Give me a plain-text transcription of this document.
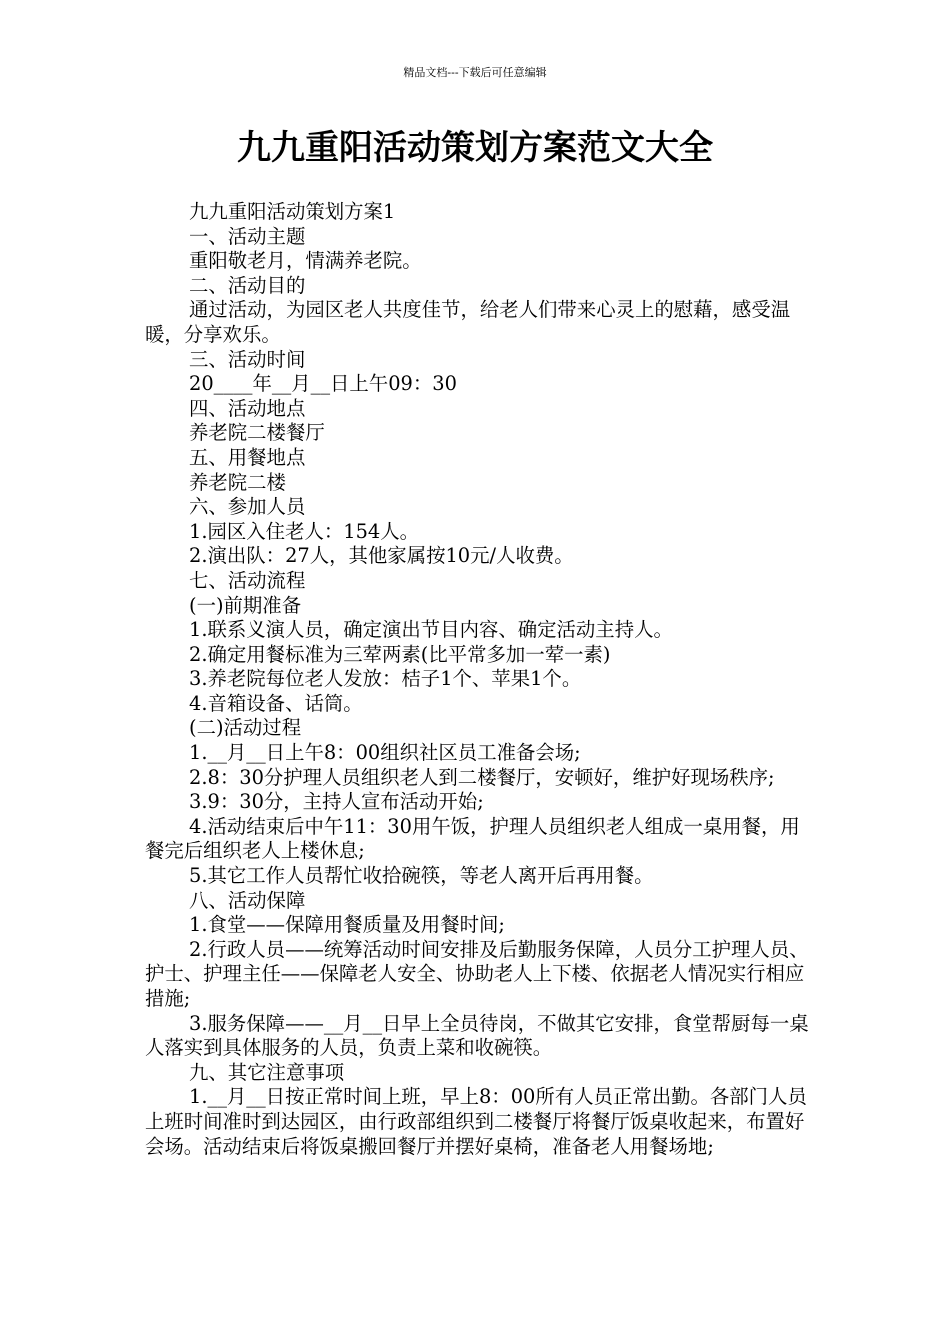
精品文档---下载后可任意编辑
九九重阳活动策划方案范文大全

九九重阳活动策划方案1

一、活动主题

重阳敬老月，情满养老院。

二、活动目的

通过活动，为园区老人共度佳节，给老人们带来心灵上的慰藉，感受温暖，分享欢乐。

三、活动时间

20____年__月__日上午09：30

四、活动地点

养老院二楼餐厅

五、用餐地点

养老院二楼

六、参加人员

1.园区入住老人：154人。

2.演出队：27人，其他家属按10元/人收费。

七、活动流程

(一)前期准备

1.联系义演人员，确定演出节目内容、确定活动主持人。

2.确定用餐标准为三荤两素(比平常多加一荤一素)

3.养老院每位老人发放：桔子1个、苹果1个。

4.音箱设备、话筒。

(二)活动过程

1.__月__日上午8：00组织社区员工准备会场;

2.8：30分护理人员组织老人到二楼餐厅，安顿好，维护好现场秩序;

3.9：30分，主持人宣布活动开始;

4.活动结束后中午11：30用午饭，护理人员组织老人组成一桌用餐，用餐完后组织老人上楼休息;

5.其它工作人员帮忙收拾碗筷，等老人离开后再用餐。

八、活动保障

1.食堂——保障用餐质量及用餐时间;

2.行政人员——统筹活动时间安排及后勤服务保障，人员分工护理人员、护士、护理主任——保障老人安全、协助老人上下楼、依据老人情况实行相应措施;

3.服务保障——__月__日早上全员待岗，不做其它安排，食堂帮厨每一桌人落实到具体服务的人员，负责上菜和收碗筷。

九、其它注意事项

1.__月__日按正常时间上班，早上8：00所有人员正常出勤。各部门人员上班时间准时到达园区，由行政部组织到二楼餐厅将餐厅饭桌收起来，布置好会场。活动结束后将饭桌搬回餐厅并摆好桌椅，准备老人用餐场地;
